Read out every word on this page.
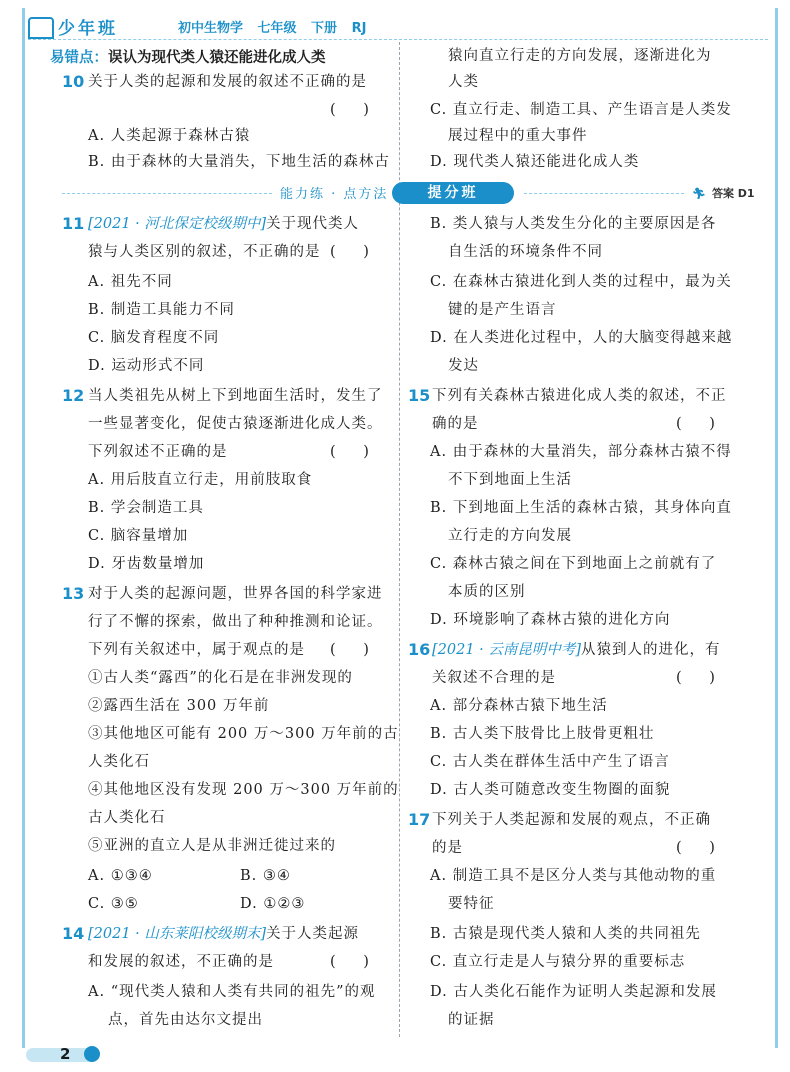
少年班	初中生物学 七年级 下册 RJ
易错点：误认为现代类人猿还能进化成人类
10 关于人类的起源和发展的叙述不正确的是
(      )
A. 人类起源于森林古猿
B. 由于森林的大量消失，下地生活的森林古
能力练 · 点方法	提分班	🏃︎ 答案 D1
11 [2021 · 河北保定校级期中]关于现代类人
猿与人类区别的叙述，不正确的是 (      )
A. 祖先不同
B. 制造工具能力不同
C. 脑发育程度不同
D. 运动形式不同
12 当人类祖先从树上下到地面生活时，发生了
一些显著变化，促使古猿逐渐进化成人类。
下列叙述不正确的是	(      )
A. 用后肢直立行走，用前肢取食
B. 学会制造工具
C. 脑容量增加
D. 牙齿数量增加
13 对于人类的起源问题，世界各国的科学家进
行了不懈的探索，做出了种种推测和论证。
下列有关叙述中，属于观点的是 (      )
①古人类“露西”的化石是在非洲发现的
②露西生活在 300 万年前
③其他地区可能有 200 万～300 万年前的古
人类化石
④其他地区没有发现 200 万～300 万年前的
古人类化石
⑤亚洲的直立人是从非洲迁徙过来的
A. ①③④	B. ③④
C. ③⑤	D. ①②③
14 [2021 · 山东莱阳校级期末]关于人类起源
和发展的叙述，不正确的是	(      )
A. “现代类人猿和人类有共同的祖先”的观
点，首先由达尔文提出
猿向直立行走的方向发展，逐渐进化为
人类
C. 直立行走、制造工具、产生语言是人类发
展过程中的重大事件
D. 现代类人猿还能进化成人类
B. 类人猿与人类发生分化的主要原因是各
自生活的环境条件不同
C. 在森林古猿进化到人类的过程中，最为关
键的是产生语言
D. 在人类进化过程中，人的大脑变得越来越
发达
15 下列有关森林古猿进化成人类的叙述，不正
确的是	(      )
A. 由于森林的大量消失，部分森林古猿不得
不下到地面上生活
B. 下到地面上生活的森林古猿，其身体向直
立行走的方向发展
C. 森林古猿之间在下到地面上之前就有了
本质的区别
D. 环境影响了森林古猿的进化方向
16 [2021 · 云南昆明中考]从猿到人的进化，有
关叙述不合理的是	(      )
A. 部分森林古猿下地生活
B. 古人类下肢骨比上肢骨更粗壮
C. 古人类在群体生活中产生了语言
D. 古人类可随意改变生物圈的面貌
17 下列关于人类起源和发展的观点，不正确
的是	(      )
A. 制造工具不是区分人类与其他动物的重
要特征
B. 古猿是现代类人猿和人类的共同祖先
C. 直立行走是人与猿分界的重要标志
D. 古人类化石能作为证明人类起源和发展
的证据
2
